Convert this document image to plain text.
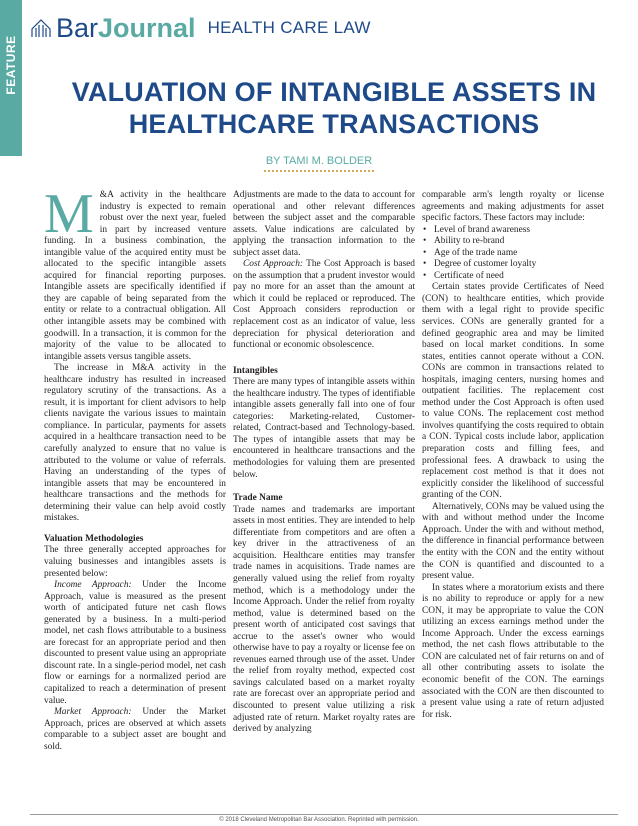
FEATURE
Bar Journal HEALTH CARE LAW
VALUATION OF INTANGIBLE ASSETS IN
HEALTHCARE TRANSACTIONS
BY TAMI M. BOLDER
M &A activity in the healthcare industry is expected to remain robust over the next year, fueled in part by increased venture funding. In a business combination, the intangible value of the acquired entity must be allocated to the specific intangible assets acquired for financial reporting purposes. Intangible assets are specifically identified if they are capable of being separated from the entity or relate to a contractual obligation. All other intangible assets may be combined with goodwill. In a transaction, it is common for the majority of the value to be allocated to intangible assets versus tangible assets.

The increase in M&A activity in the healthcare industry has resulted in increased regulatory scrutiny of the transactions. As a result, it is important for client advisors to help clients navigate the various issues to maintain compliance. In particular, payments for assets acquired in a healthcare transaction need to be carefully analyzed to ensure that no value is attributed to the volume or value of referrals. Having an understanding of the types of intangible assets that may be encountered in healthcare transactions and the methods for determining their value can help avoid costly mistakes.

Valuation Methodologies

The three generally accepted approaches for valuing businesses and intangibles assets is presented below:

Income Approach: Under the Income Approach, value is measured as the present worth of anticipated future net cash flows generated by a business. In a multi-period model, net cash flows attributable to a business are forecast for an appropriate period and then discounted to present value using an appropriate discount rate. In a single-period model, net cash flow or earnings for a normalized period are capitalized to reach a determination of present value.

Market Approach: Under the Market Approach, prices are observed at which assets comparable to a subject asset are bought and sold.

Adjustments are made to the data to account for operational and other relevant differences between the subject asset and the comparable assets. Value indications are calculated by applying the transaction information to the subject asset data.

Cost Approach: The Cost Approach is based on the assumption that a prudent investor would pay no more for an asset than the amount at which it could be replaced or reproduced. The Cost Approach considers reproduction or replacement cost as an indicator of value, less depreciation for physical deterioration and functional or economic obsolescence.

Intangibles

There are many types of intangible assets within the healthcare industry. The types of identifiable intangible assets generally fall into one of four categories: Marketing-related, Customer-related, Contract-based and Technology-based. The types of intangible assets that may be encountered in healthcare transactions and the methodologies for valuing them are presented below.

Trade Name

Trade names and trademarks are important assets in most entities. They are intended to help differentiate from competitors and are often a key driver in the attractiveness of an acquisition. Healthcare entities may transfer trade names in acquisitions. Trade names are generally valued using the relief from royalty method, which is a methodology under the Income Approach. Under the relief from royalty method, value is determined based on the present worth of anticipated cost savings that accrue to the asset's owner who would otherwise have to pay a royalty or license fee on revenues earned through use of the asset. Under the relief from royalty method, expected cost savings calculated based on a market royalty rate are forecast over an appropriate period and discounted to present value utilizing a risk adjusted rate of return. Market royalty rates are derived by analyzing

comparable arm's length royalty or license agreements and making adjustments for asset specific factors. These factors may include:

• Level of brand awareness
• Ability to re-brand
• Age of the trade name
• Degree of customer loyalty
• Certificate of need

Certain states provide Certificates of Need (CON) to healthcare entities, which provide them with a legal right to provide specific services. CONs are generally granted for a defined geographic area and may be limited based on local market conditions. In some states, entities cannot operate without a CON. CONs are common in transactions related to hospitals, imaging centers, nursing homes and outpatient facilities. The replacement cost method under the Cost Approach is often used to value CONs. The replacement cost method involves quantifying the costs required to obtain a CON. Typical costs include labor, application preparation costs and filling fees, and professional fees. A drawback to using the replacement cost method is that it does not explicitly consider the likelihood of successful granting of the CON.

Alternatively, CONs may be valued using the with and without method under the Income Approach. Under the with and without method, the difference in financial performance between the entity with the CON and the entity without the CON is quantified and discounted to a present value.

In states where a moratorium exists and there is no ability to reproduce or apply for a new CON, it may be appropriate to value the CON utilizing an excess earnings method under the Income Approach. Under the excess earnings method, the net cash flows attributable to the CON are calculated net of fair returns on and of all other contributing assets to isolate the economic benefit of the CON. The earnings associated with the CON are then discounted to a present value using a rate of return adjusted for risk.

© 2018 Cleveland Metropolitan Bar Association. Reprinted with permission.
